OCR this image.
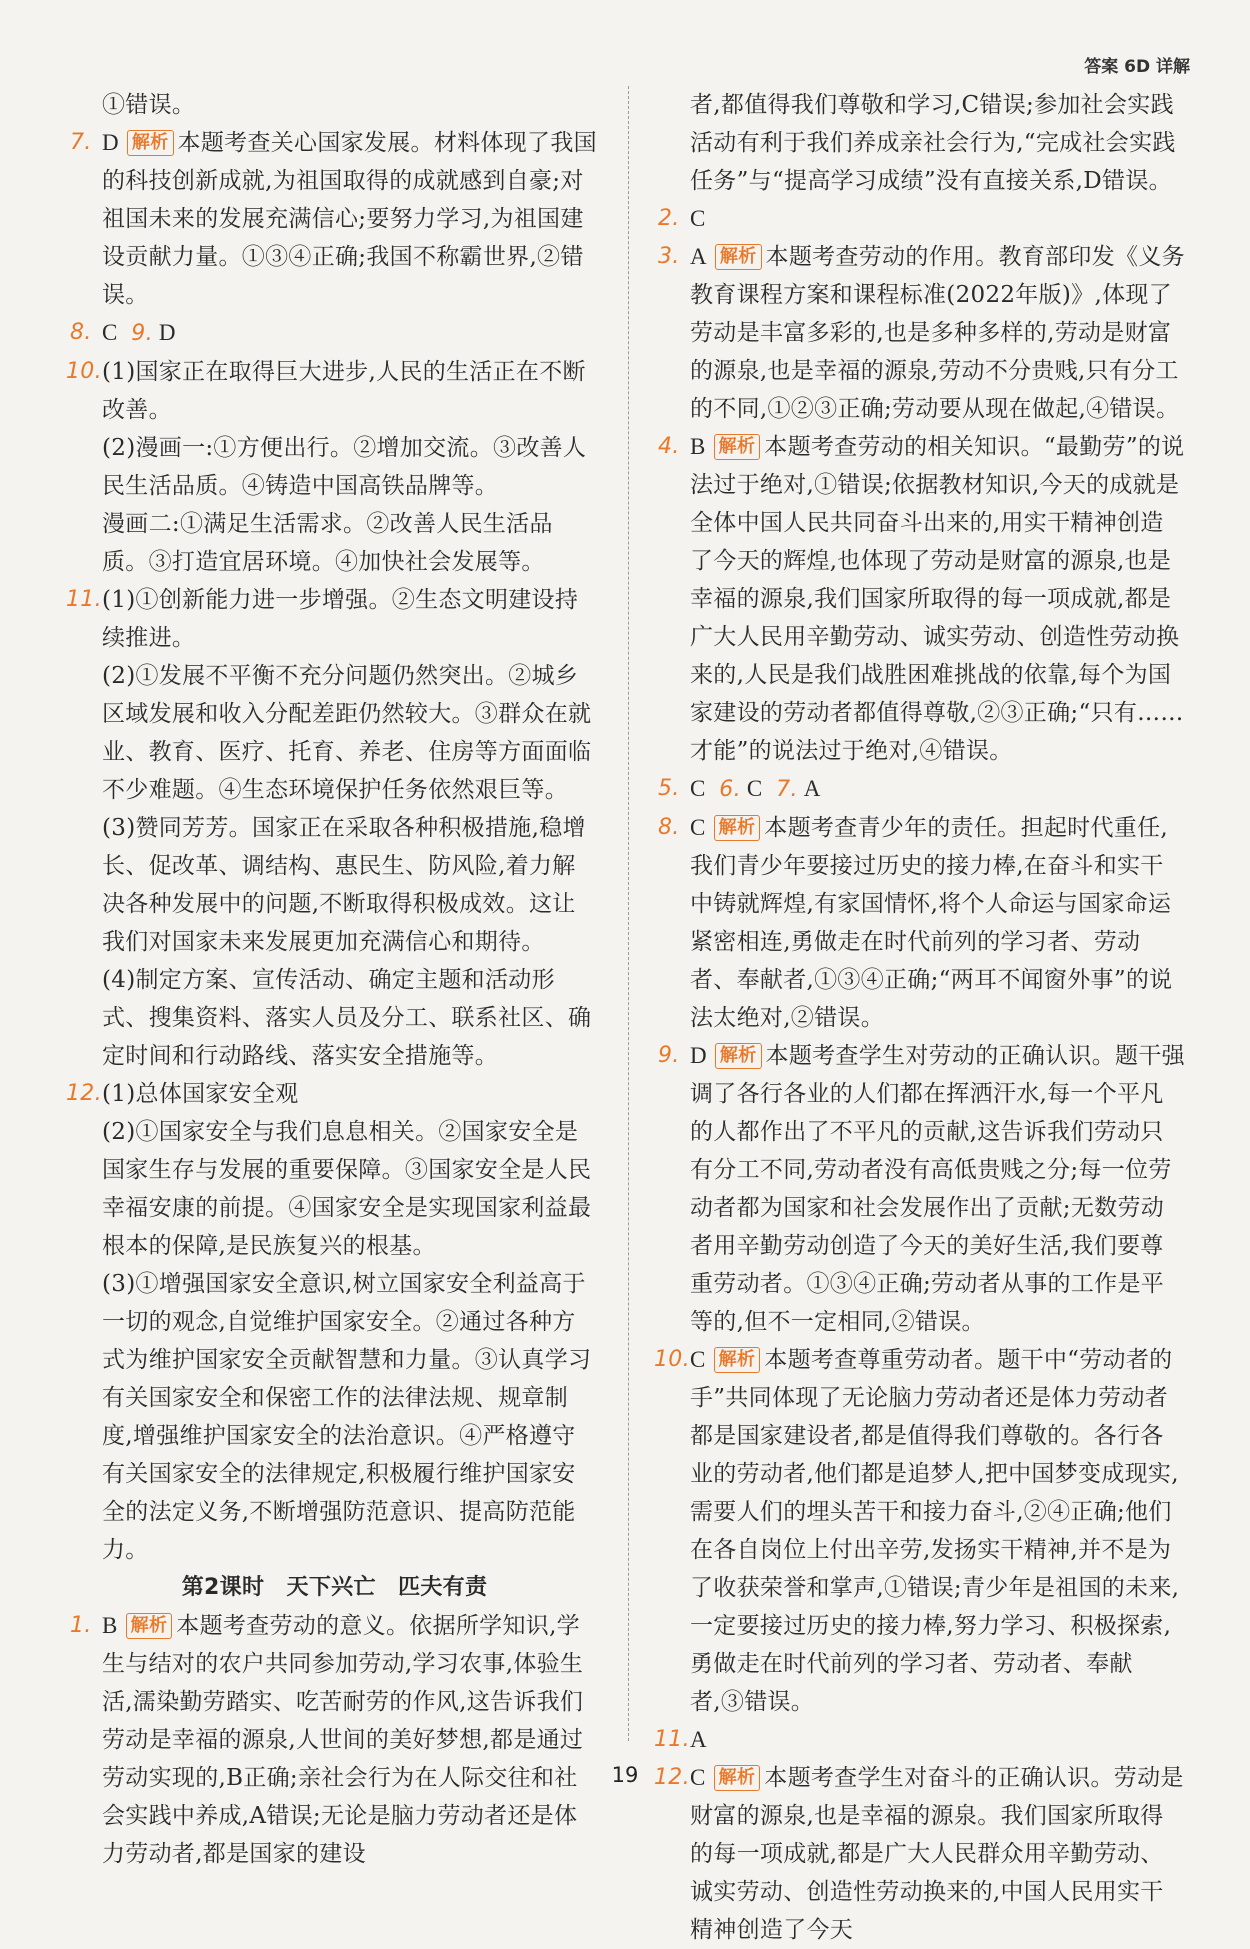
答案 6D 详解
①错误。
7. D 解析 本题考查关心国家发展。材料体现了我国的科技创新成就,为祖国取得的成就感到自豪;对祖国未来的发展充满信心;要努力学习,为祖国建设贡献力量。①③④正确;我国不称霸世界,②错误。
8. C 9. D
10. (1)国家正在取得巨大进步,人民的生活正在不断改善。
(2)漫画一:①方便出行。②增加交流。③改善人民生活品质。④铸造中国高铁品牌等。
漫画二:①满足生活需求。②改善人民生活品质。③打造宜居环境。④加快社会发展等。
11. (1)①创新能力进一步增强。②生态文明建设持续推进。
(2)①发展不平衡不充分问题仍然突出。②城乡区域发展和收入分配差距仍然较大。③群众在就业、教育、医疗、托育、养老、住房等方面面临不少难题。④生态环境保护任务依然艰巨等。
(3)赞同芳芳。国家正在采取各种积极措施,稳增长、促改革、调结构、惠民生、防风险,着力解决各种发展中的问题,不断取得积极成效。这让我们对国家未来发展更加充满信心和期待。
(4)制定方案、宣传活动、确定主题和活动形式、搜集资料、落实人员及分工、联系社区、确定时间和行动路线、落实安全措施等。
12. (1)总体国家安全观
(2)①国家安全与我们息息相关。②国家安全是国家生存与发展的重要保障。③国家安全是人民幸福安康的前提。④国家安全是实现国家利益最根本的保障,是民族复兴的根基。
(3)①增强国家安全意识,树立国家安全利益高于一切的观念,自觉维护国家安全。②通过各种方式为维护国家安全贡献智慧和力量。③认真学习有关国家安全和保密工作的法律法规、规章制度,增强维护国家安全的法治意识。④严格遵守有关国家安全的法律规定,积极履行维护国家安全的法定义务,不断增强防范意识、提高防范能力。
第2课时　天下兴亡　匹夫有责
1. B 解析 本题考查劳动的意义。依据所学知识,学生与结对的农户共同参加劳动,学习农事,体验生活,濡染勤劳踏实、吃苦耐劳的作风,这告诉我们劳动是幸福的源泉,人世间的美好梦想,都是通过劳动实现的,B正确;亲社会行为在人际交往和社会实践中养成,A错误;无论是脑力劳动者还是体力劳动者,都是国家的建设
者,都值得我们尊敬和学习,C错误;参加社会实践活动有利于我们养成亲社会行为,“完成社会实践任务”与“提高学习成绩”没有直接关系,D错误。
2. C
3. A 解析 本题考查劳动的作用。教育部印发《义务教育课程方案和课程标准(2022年版)》,体现了劳动是丰富多彩的,也是多种多样的,劳动是财富的源泉,也是幸福的源泉,劳动不分贵贱,只有分工的不同,①②③正确;劳动要从现在做起,④错误。
4. B 解析 本题考查劳动的相关知识。“最勤劳”的说法过于绝对,①错误;依据教材知识,今天的成就是全体中国人民共同奋斗出来的,用实干精神创造了今天的辉煌,也体现了劳动是财富的源泉,也是幸福的源泉,我们国家所取得的每一项成就,都是广大人民用辛勤劳动、诚实劳动、创造性劳动换来的,人民是我们战胜困难挑战的依靠,每个为国家建设的劳动者都值得尊敬,②③正确;“只有……才能”的说法过于绝对,④错误。
5. C 6. C 7. A
8. C 解析 本题考查青少年的责任。担起时代重任,我们青少年要接过历史的接力棒,在奋斗和实干中铸就辉煌,有家国情怀,将个人命运与国家命运紧密相连,勇做走在时代前列的学习者、劳动者、奉献者,①③④正确;“两耳不闻窗外事”的说法太绝对,②错误。
9. D 解析 本题考查学生对劳动的正确认识。题干强调了各行各业的人们都在挥洒汗水,每一个平凡的人都作出了不平凡的贡献,这告诉我们劳动只有分工不同,劳动者没有高低贵贱之分;每一位劳动者都为国家和社会发展作出了贡献;无数劳动者用辛勤劳动创造了今天的美好生活,我们要尊重劳动者。①③④正确;劳动者从事的工作是平等的,但不一定相同,②错误。
10. C 解析 本题考查尊重劳动者。题干中“劳动者的手”共同体现了无论脑力劳动者还是体力劳动者都是国家建设者,都是值得我们尊敬的。各行各业的劳动者,他们都是追梦人,把中国梦变成现实,需要人们的埋头苦干和接力奋斗,②④正确;他们在各自岗位上付出辛劳,发扬实干精神,并不是为了收获荣誉和掌声,①错误;青少年是祖国的未来,一定要接过历史的接力棒,努力学习、积极探索,勇做走在时代前列的学习者、劳动者、奉献者,③错误。
11. A
12. C 解析 本题考查学生对奋斗的正确认识。劳动是财富的源泉,也是幸福的源泉。我们国家所取得的每一项成就,都是广大人民群众用辛勤劳动、诚实劳动、创造性劳动换来的,中国人民用实干精神创造了今天
19
